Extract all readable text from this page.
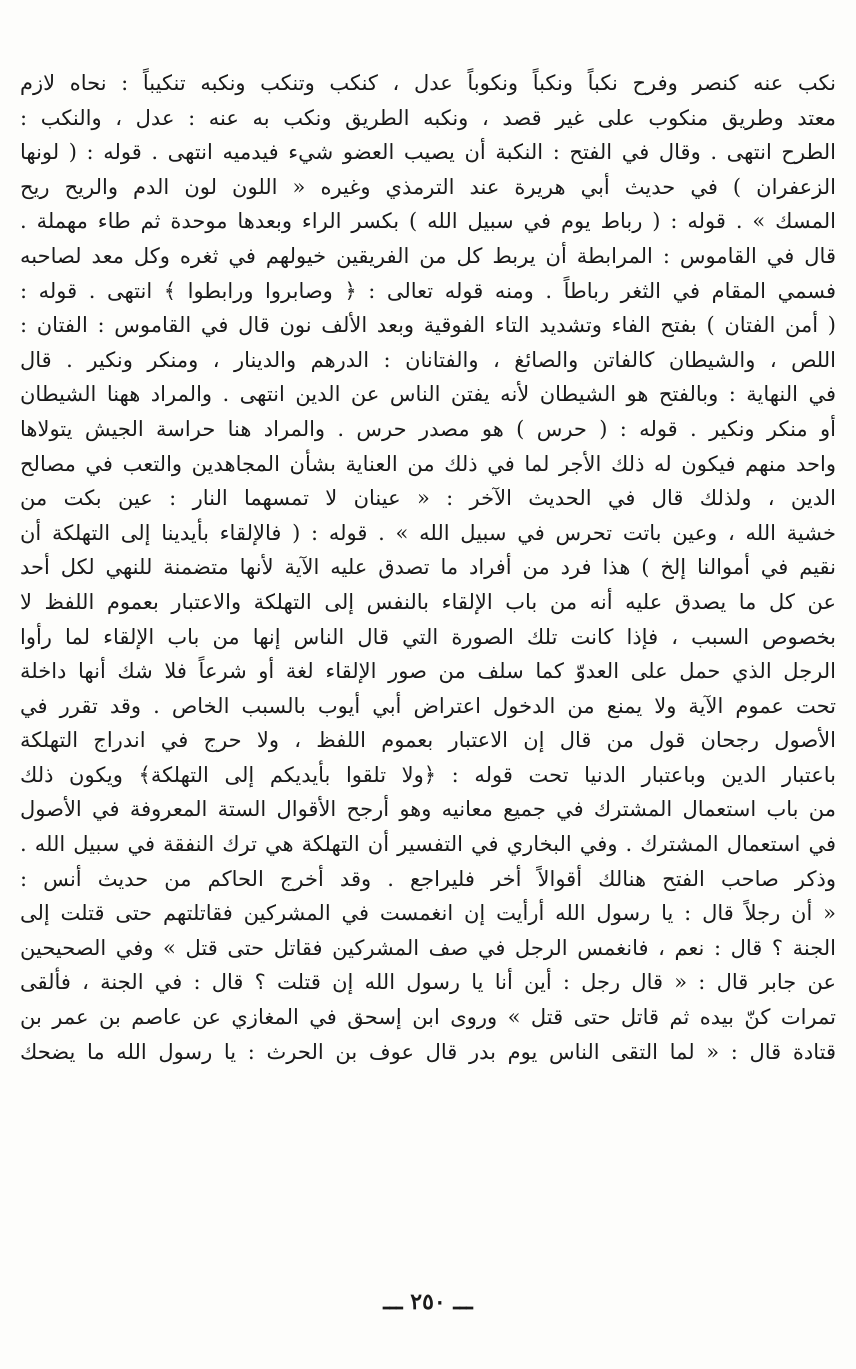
نكب عنه كنصر وفرح نكباً ونكباً ونكوباً عدل ، كنكب وتنكب ونكبه تنكيباً : نحاه لازم
معتد وطريق منكوب على غير قصد ، ونكبه الطريق ونكب به عنه : عدل ، والنكب :
الطرح انتهى . وقال في الفتح : النكبة أن يصيب العضو شيء فيدميه انتهى . قوله : ( لونها
الزعفران ) في حديث أبي هريرة عند الترمذي وغيره « اللون لون الدم والريح ريح
المسك » . قوله : ( رباط يوم في سبيل الله ) بكسر الراء وبعدها موحدة ثم طاء مهملة .
قال في القاموس : المرابطة أن يربط كل من الفريقين خيولهم في ثغره وكل معد لصاحبه
فسمي المقام في الثغر رباطاً . ومنه قوله تعالى : ﴿ وصابروا ورابطوا ﴾ انتهى . قوله :
( أمن الفتان ) بفتح الفاء وتشديد التاء الفوقية وبعد الألف نون قال في القاموس : الفتان :
اللص ، والشيطان كالفاتن والصائغ ، والفتانان : الدرهم والدينار ، ومنكر ونكير . قال
في النهاية : وبالفتح هو الشيطان لأنه يفتن الناس عن الدين انتهى . والمراد ههنا الشيطان
أو منكر ونكير . قوله : ( حرس ) هو مصدر حرس . والمراد هنا حراسة الجيش يتولاها
واحد منهم فيكون له ذلك الأجر لما في ذلك من العناية بشأن المجاهدين والتعب في مصالح
الدين ، ولذلك قال في الحديث الآخر : « عينان لا تمسهما النار : عين بكت من
خشية الله ، وعين باتت تحرس في سبيل الله » . قوله : ( فالإلقاء بأيدينا إلى التهلكة أن
نقيم في أموالنا إلخ ) هذا فرد من أفراد ما تصدق عليه الآية لأنها متضمنة للنهي لكل أحد
عن كل ما يصدق عليه أنه من باب الإلقاء بالنفس إلى التهلكة والاعتبار بعموم اللفظ لا
بخصوص السبب ، فإذا كانت تلك الصورة التي قال الناس إنها من باب الإلقاء لما رأوا
الرجل الذي حمل على العدوّ كما سلف من صور الإلقاء لغة أو شرعاً فلا شك أنها داخلة
تحت عموم الآية ولا يمنع من الدخول اعتراض أبي أيوب بالسبب الخاص . وقد تقرر في
الأصول رجحان قول من قال إن الاعتبار بعموم اللفظ ، ولا حرج في اندراج التهلكة
باعتبار الدين وباعتبار الدنيا تحت قوله : ﴿ولا تلقوا بأيديكم إلى التهلكة﴾ ويكون ذلك
من باب استعمال المشترك في جميع معانيه وهو أرجح الأقوال الستة المعروفة في الأصول
في استعمال المشترك . وفي البخاري في التفسير أن التهلكة هي ترك النفقة في سبيل الله .
وذكر صاحب الفتح هنالك أقوالاً أخر فليراجع . وقد أخرج الحاكم من حديث أنس :
« أن رجلاً قال : يا رسول الله أرأيت إن انغمست في المشركين فقاتلتهم حتى قتلت إلى
الجنة ؟ قال : نعم ، فانغمس الرجل في صف المشركين فقاتل حتى قتل » وفي الصحيحين
عن جابر قال : « قال رجل : أين أنا يا رسول الله إن قتلت ؟ قال : في الجنة ، فألقى
تمرات كنّ بيده ثم قاتل حتى قتل » وروى ابن إسحق في المغازي عن عاصم بن عمر بن
قتادة قال : « لما التقى الناس يوم بدر قال عوف بن الحرث : يا رسول الله ما يضحك
ـــ ٢٥٠ ـــ
